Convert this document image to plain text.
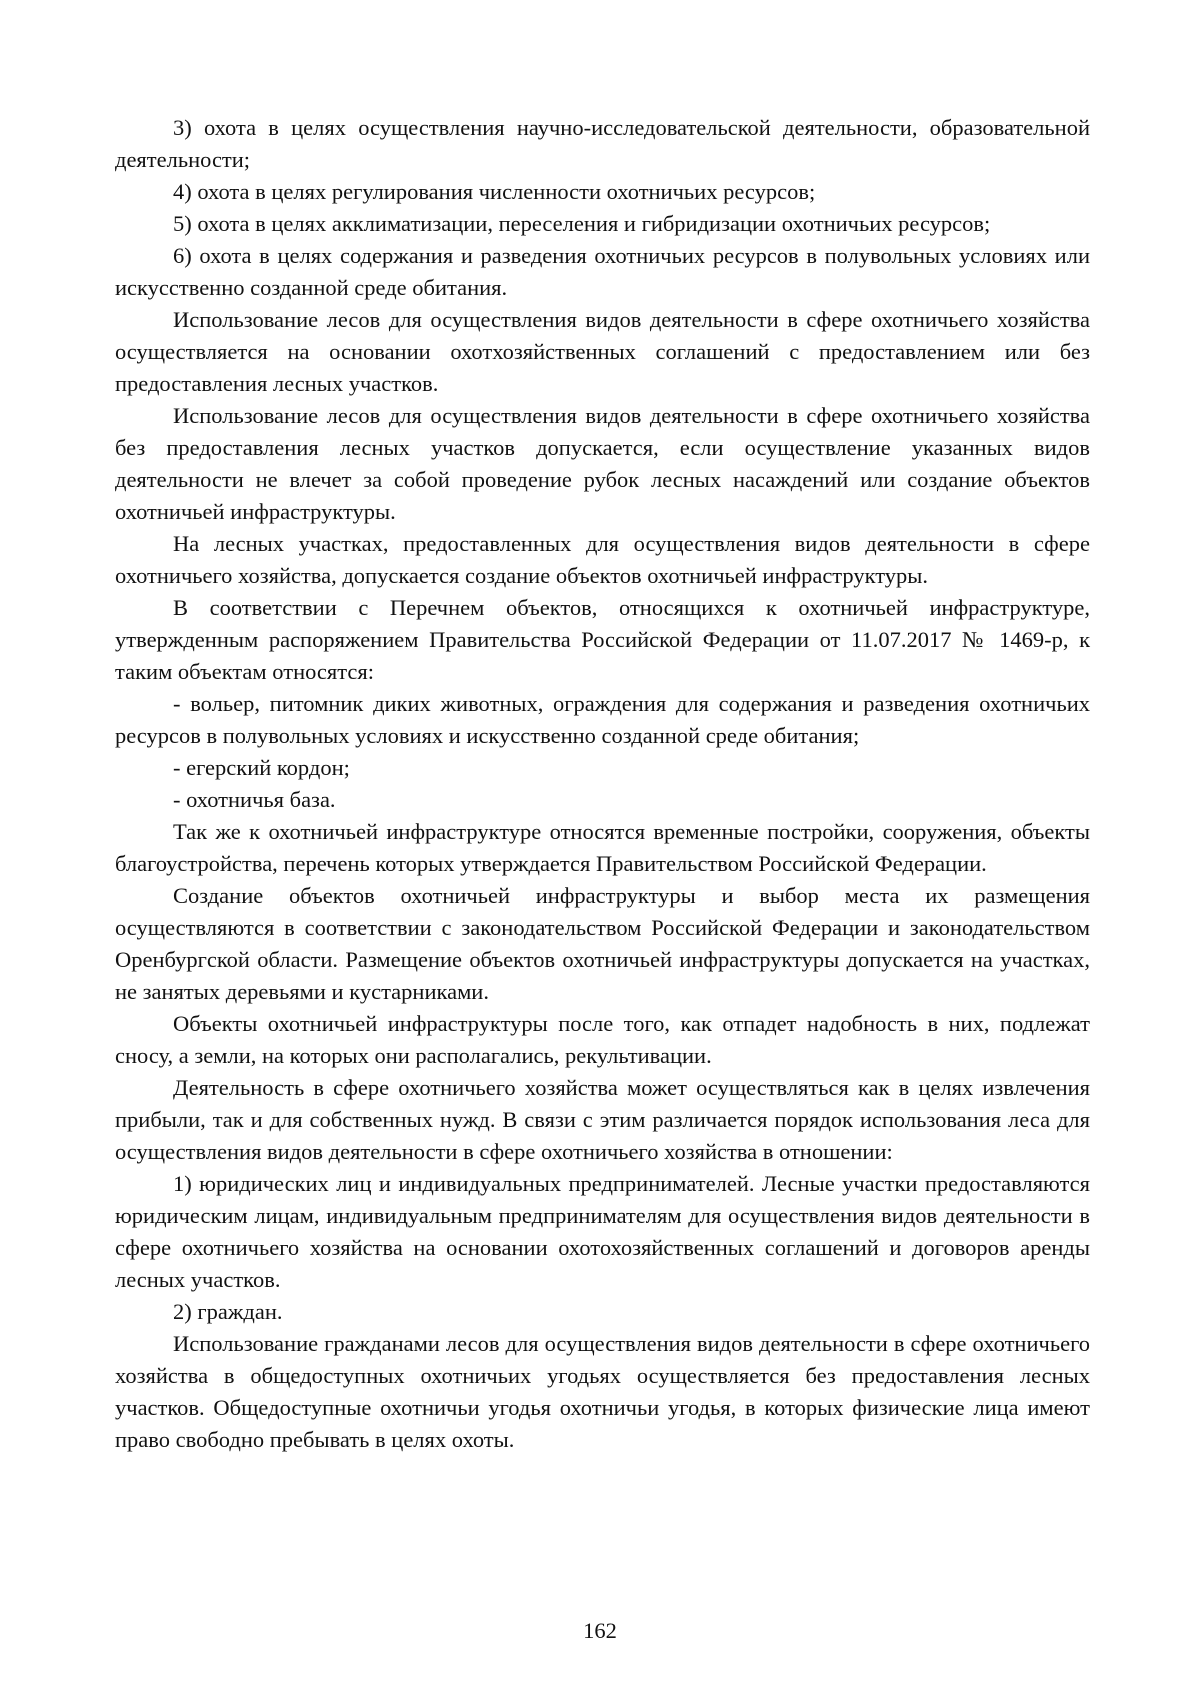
3) охота в целях осуществления научно-исследовательской деятельности, образовательной деятельности;

4) охота в целях регулирования численности охотничьих ресурсов;

5) охота в целях акклиматизации, переселения и гибридизации охотничьих ресурсов;

6) охота в целях содержания и разведения охотничьих ресурсов в полувольных условиях или искусственно созданной среде обитания.

Использование лесов для осуществления видов деятельности в сфере охотничьего хозяйства осуществляется на основании охотхозяйственных соглашений с предоставлением или без предоставления лесных участков.

Использование лесов для осуществления видов деятельности в сфере охотничьего хозяйства без предоставления лесных участков допускается, если осуществление указанных видов деятельности не влечет за собой проведение рубок лесных насаждений или создание объектов охотничьей инфраструктуры.

На лесных участках, предоставленных для осуществления видов деятельности в сфере охотничьего хозяйства, допускается создание объектов охотничьей инфраструктуры.

В соответствии с Перечнем объектов, относящихся к охотничьей инфраструктуре, утвержденным распоряжением Правительства Российской Федерации от 11.07.2017 № 1469-р, к таким объектам относятся:

- вольер, питомник диких животных, ограждения для содержания и разведения охотничьих ресурсов в полувольных условиях и искусственно созданной среде обитания;

- егерский кордон;

- охотничья база.

Так же к охотничьей инфраструктуре относятся временные постройки, сооружения, объекты благоустройства, перечень которых утверждается Правительством Российской Федерации.

Создание объектов охотничьей инфраструктуры и выбор места их размещения осуществляются в соответствии с законодательством Российской Федерации и законодательством Оренбургской области. Размещение объектов охотничьей инфраструктуры допускается на участках, не занятых деревьями и кустарниками.

Объекты охотничьей инфраструктуры после того, как отпадет надобность в них, подлежат сносу, а земли, на которых они располагались, рекультивации.

Деятельность в сфере охотничьего хозяйства может осуществляться как в целях извлечения прибыли, так и для собственных нужд. В связи с этим различается порядок использования леса для осуществления видов деятельности в сфере охотничьего хозяйства в отношении:

1) юридических лиц и индивидуальных предпринимателей. Лесные участки предоставляются юридическим лицам, индивидуальным предпринимателям для осуществления видов деятельности в сфере охотничьего хозяйства на основании охотохозяйственных соглашений и договоров аренды лесных участков.

2) граждан.

Использование гражданами лесов для осуществления видов деятельности в сфере охотничьего хозяйства в общедоступных охотничьих угодьях осуществляется без предоставления лесных участков. Общедоступные охотничьи угодья охотничьи угодья, в которых физические лица имеют право свободно пребывать в целях охоты.

162
